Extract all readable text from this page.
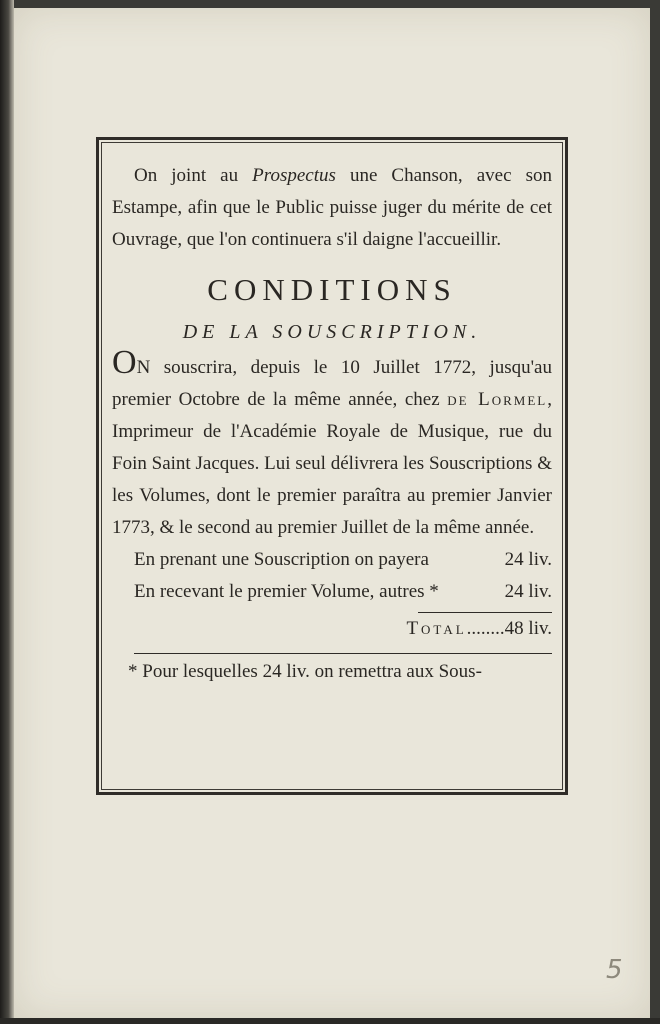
On joint au Prospectus une Chanson, avec son Estampe, afin que le Public puisse juger du mérite de cet Ouvrage, que l'on continuera s'il daigne l'accueillir.

CONDITIONS
DE LA SOUSCRIPTION.

ON souscrira, depuis le 10 Juillet 1772, jusqu'au premier Octobre de la même année, chez de Lormel, Imprimeur de l'Académie Royale de Musique, rue du Foin Saint Jacques. Lui seul délivrera les Souscriptions & les Volumes, dont le premier paraîtra au premier Janvier 1773, & le second au premier Juillet de la même année.

En prenant une Souscription on payera	24 liv.
En recevant le premier Volume, autres *	24 liv.

Total........48 liv.

* Pour lesquelles 24 liv. on remettra aux Sous-

5
